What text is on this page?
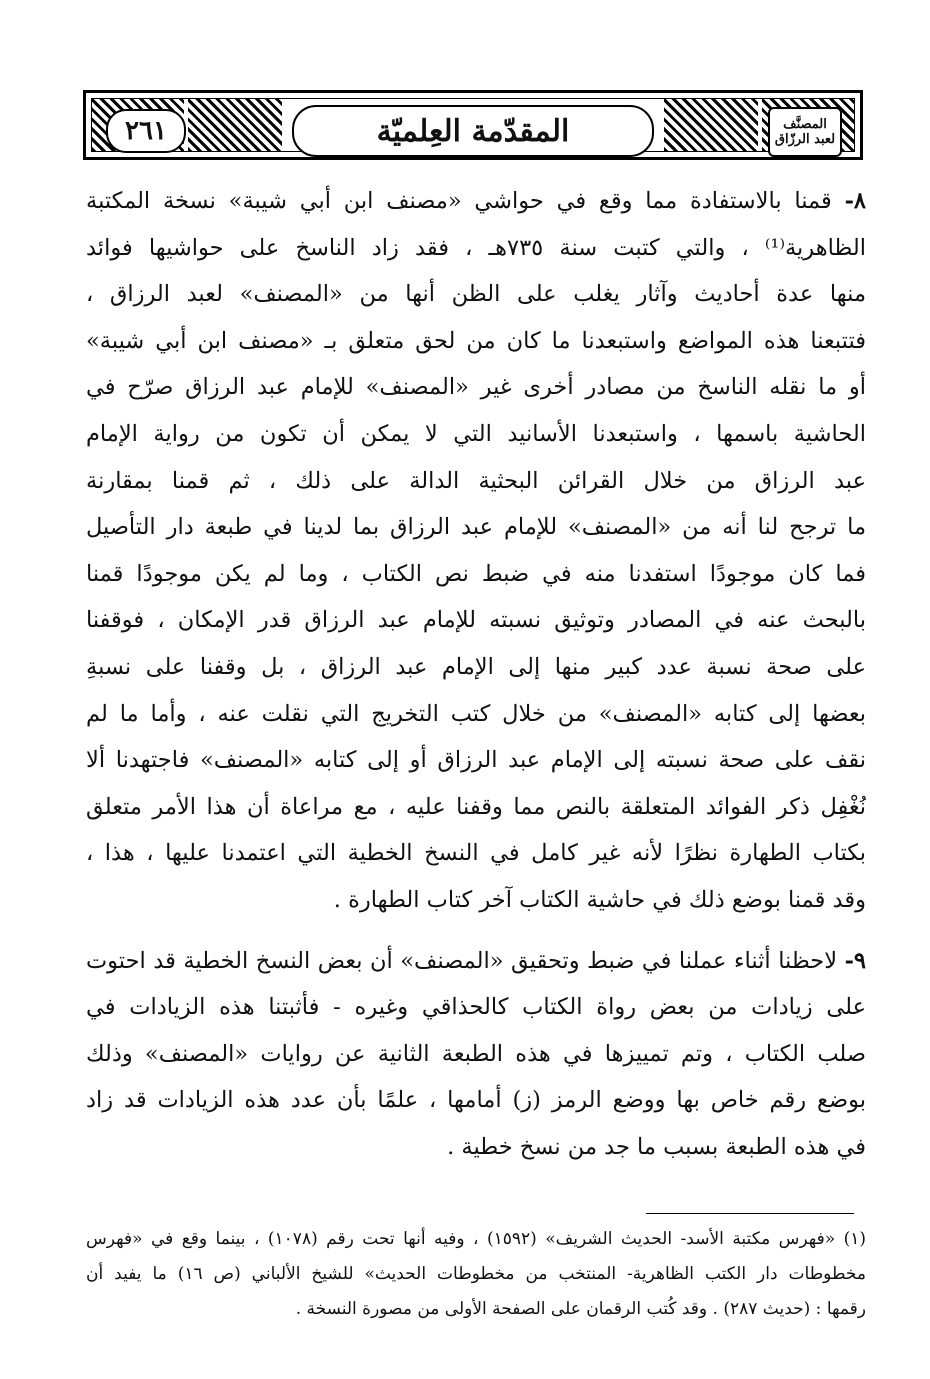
٢٦١	المقدّمة العِلميّة	المصنَّف
لعبد الرزّاق
٨- قمنا بالاستفادة مما وقع في حواشي «مصنف ابن أبي شيبة» نسخة المكتبة
الظاهرية⁽¹⁾ ، والتي كتبت سنة ٧٣٥هـ ، فقد زاد الناسخ على حواشيها فوائد
منها عدة أحاديث وآثار يغلب على الظن أنها من «المصنف» لعبد الرزاق ،
فتتبعنا هذه المواضع واستبعدنا ما كان من لحق متعلق بـ «مصنف ابن أبي شيبة»
أو ما نقله الناسخ من مصادر أخرى غير «المصنف» للإمام عبد الرزاق صرّح في
الحاشية باسمها ، واستبعدنا الأسانيد التي لا يمكن أن تكون من رواية الإمام
عبد الرزاق من خلال القرائن البحثية الدالة على ذلك ، ثم قمنا بمقارنة
ما ترجح لنا أنه من «المصنف» للإمام عبد الرزاق بما لدينا في طبعة دار التأصيل
فما كان موجودًا استفدنا منه في ضبط نص الكتاب ، وما لم يكن موجودًا قمنا
بالبحث عنه في المصادر وتوثيق نسبته للإمام عبد الرزاق قدر الإمكان ، فوقفنا
على صحة نسبة عدد كبير منها إلى الإمام عبد الرزاق ، بل وقفنا على نسبةِ
بعضها إلى كتابه «المصنف» من خلال كتب التخريج التي نقلت عنه ، وأما ما لم
نقف على صحة نسبته إلى الإمام عبد الرزاق أو إلى كتابه «المصنف» فاجتهدنا ألا
نُغْفِل ذكر الفوائد المتعلقة بالنص مما وقفنا عليه ، مع مراعاة أن هذا الأمر متعلق
بكتاب الطهارة نظرًا لأنه غير كامل في النسخ الخطية التي اعتمدنا عليها ، هذا ،
وقد قمنا بوضع ذلك في حاشية الكتاب آخر كتاب الطهارة .
٩- لاحظنا أثناء عملنا في ضبط وتحقيق «المصنف» أن بعض النسخ الخطية قد احتوت
على زيادات من بعض رواة الكتاب كالحذاقي وغيره - فأثبتنا هذه الزيادات في
صلب الكتاب ، وتم تمييزها في هذه الطبعة الثانية عن روايات «المصنف» وذلك
بوضع رقم خاص بها ووضع الرمز (ز) أمامها ، علمًا بأن عدد هذه الزيادات قد زاد
في هذه الطبعة بسبب ما جد من نسخ خطية .
(١) «فهرس مكتبة الأسد- الحديث الشريف» (١٥٩٢) ، وفيه أنها تحت رقم (١٠٧٨) ، بينما وقع في «فهرس
مخطوطات دار الكتب الظاهرية- المنتخب من مخطوطات الحديث» للشيخ الألباني (ص ١٦) ما يفيد أن
رقمها : (حديث ٢٨٧) . وقد كُتب الرقمان على الصفحة الأولى من مصورة النسخة .
